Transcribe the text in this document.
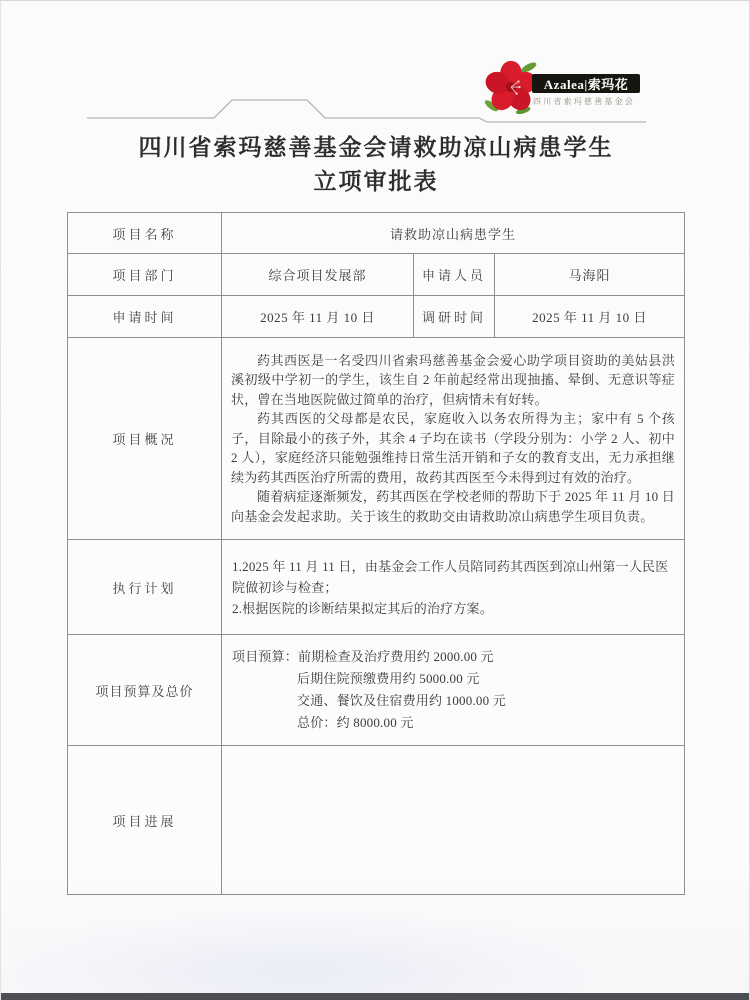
Azalea|索玛花
四川省索玛慈善基金会
四川省索玛慈善基金会请救助凉山病患学生
立项审批表
项目名称	请救助凉山病患学生		
项目部门	综合项目发展部	申请人员	马海阳
申请时间	2025 年 11 月 10 日	调研时间	2025 年 11 月 10 日
项目概况	药其西医是一名受四川省索玛慈善基金会爱心助学项目资助的美姑县洪溪初级中学初一的学生，该生自 2 年前起经常出现抽搐、晕倒、无意识等症状，曾在当地医院做过简单的治疗，但病情未有好转。

药其西医的父母都是农民，家庭收入以务农所得为主；家中有 5 个孩子，目除最小的孩子外，其余 4 子均在读书（学段分别为：小学 2 人、初中 2 人），家庭经济只能勉强维持日常生活开销和子女的教育支出，无力承担继续为药其西医治疗所需的费用，故药其西医至今未得到过有效的治疗。

随着病症逐渐频发，药其西医在学校老师的帮助下于 2025 年 11 月 10 日向基金会发起求助。关于该生的救助交由请救助凉山病患学生项目负责。		

执行计划	1.2025 年 11 月 11 日，由基金会工作人员陪同药其西医到凉山州第一人民医院做初诊与检查；

2.根据医院的诊断结果拟定其后的治疗方案。		

项目预算及总价	项目预算：前期检查及治疗费用约 2000.00 元

后期住院预缴费用约 5000.00 元

交通、餐饮及住宿费用约 1000.00 元

总价：约 8000.00 元		

项目进展			
